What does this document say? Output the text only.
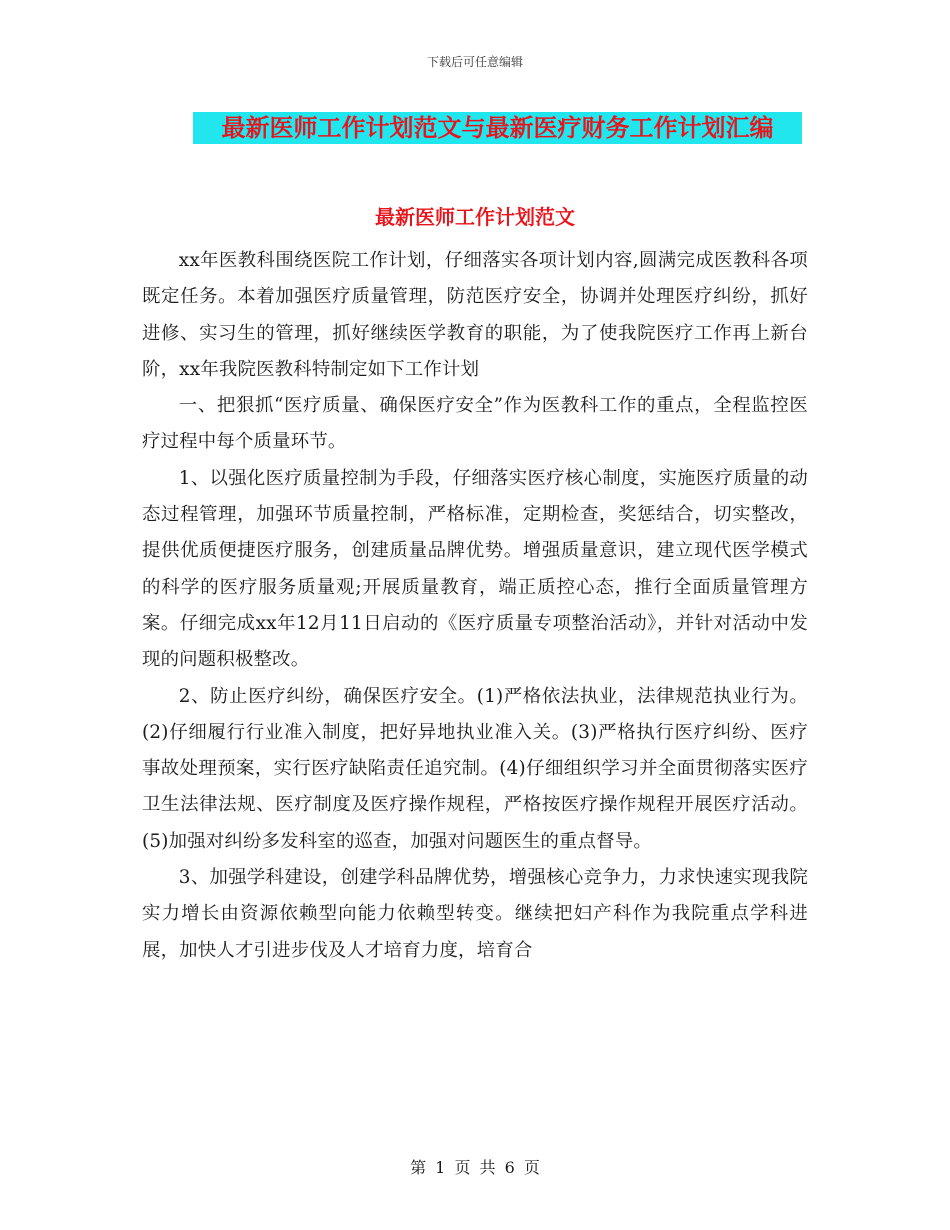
下载后可任意编辑
最新医师工作计划范文与最新医疗财务工作计划汇编
最新医师工作计划范文

xx年医教科围绕医院工作计划，仔细落实各项计划内容,圆满完成医教科各项既定任务。本着加强医疗质量管理，防范医疗安全，协调并处理医疗纠纷，抓好进修、实习生的管理，抓好继续医学教育的职能，为了使我院医疗工作再上新台阶，xx年我院医教科特制定如下工作计划

一、把狠抓“医疗质量、确保医疗安全”作为医教科工作的重点，全程监控医疗过程中每个质量环节。

1、以强化医疗质量控制为手段，仔细落实医疗核心制度，实施医疗质量的动态过程管理，加强环节质量控制，严格标准，定期检查，奖惩结合，切实整改，提供优质便捷医疗服务，创建质量品牌优势。增强质量意识，建立现代医学模式的科学的医疗服务质量观;开展质量教育，端正质控心态，推行全面质量管理方案。仔细完成xx年12月11日启动的《医疗质量专项整治活动》，并针对活动中发现的问题积极整改。

2、防止医疗纠纷，确保医疗安全。(1)严格依法执业，法律规范执业行为。(2)仔细履行行业准入制度，把好异地执业准入关。(3)严格执行医疗纠纷、医疗事故处理预案，实行医疗缺陷责任追究制。(4)仔细组织学习并全面贯彻落实医疗卫生法律法规、医疗制度及医疗操作规程，严格按医疗操作规程开展医疗活动。(5)加强对纠纷多发科室的巡查，加强对问题医生的重点督导。

3、加强学科建设，创建学科品牌优势，增强核心竞争力，力求快速实现我院实力增长由资源依赖型向能力依赖型转变。继续把妇产科作为我院重点学科进展，加快人才引进步伐及人才培育力度，培育合

第 1 页 共 6 页
